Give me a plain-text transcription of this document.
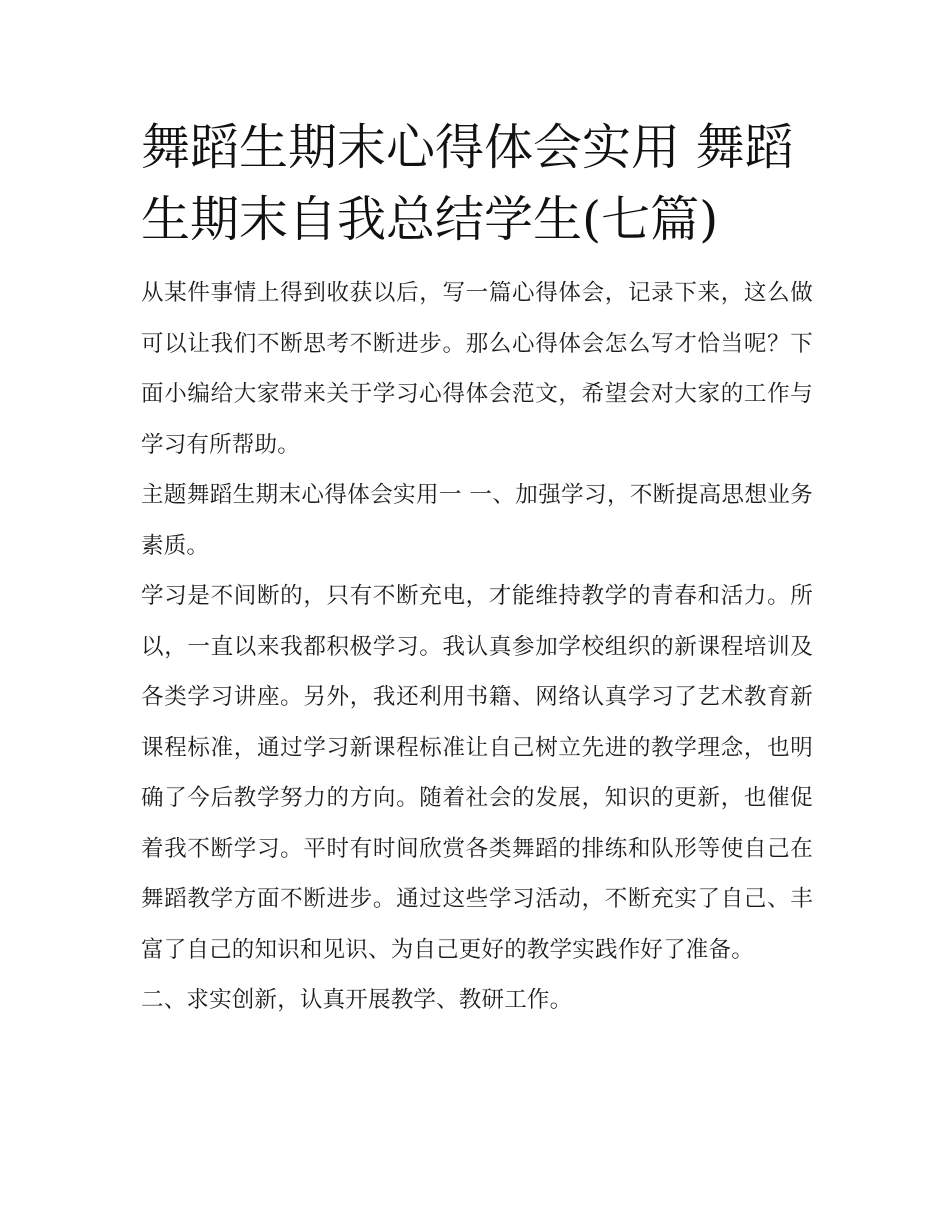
舞蹈生期末心得体会实用 舞蹈生期末自我总结学生(七篇)

从某件事情上得到收获以后，写一篇心得体会，记录下来，这么做可以让我们不断思考不断进步。那么心得体会怎么写才恰当呢？下面小编给大家带来关于学习心得体会范文，希望会对大家的工作与学习有所帮助。

主题舞蹈生期末心得体会实用一 一、加强学习，不断提高思想业务素质。

学习是不间断的，只有不断充电，才能维持教学的青春和活力。所以，一直以来我都积极学习。我认真参加学校组织的新课程培训及各类学习讲座。另外，我还利用书籍、网络认真学习了艺术教育新课程标准，通过学习新课程标准让自己树立先进的教学理念，也明确了今后教学努力的方向。随着社会的发展，知识的更新，也催促着我不断学习。平时有时间欣赏各类舞蹈的排练和队形等使自己在舞蹈教学方面不断进步。通过这些学习活动，不断充实了自己、丰富了自己的知识和见识、为自己更好的教学实践作好了准备。

二、求实创新，认真开展教学、教研工作。
